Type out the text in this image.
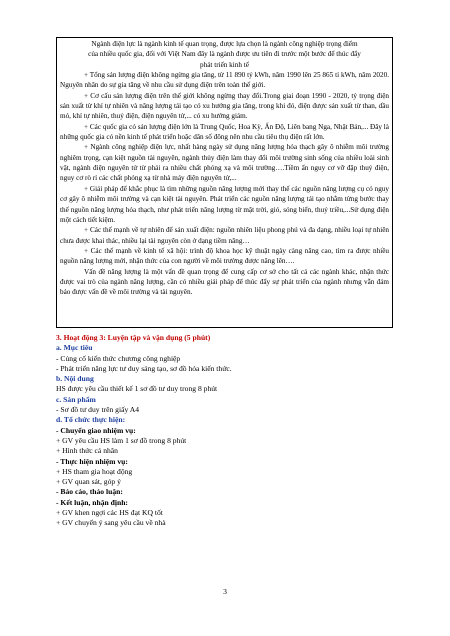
Ngành điện lực là ngành kinh tế quan trọng, được lựa chọn là ngành công nghiệp trọng điểm

của nhiều quốc gia, đối với Việt Nam đây là ngành được ưu tiên đi trước một bước để thúc đẩy

phát triển kinh tế

+ Tổng sản lượng điện không ngừng gia tăng, từ 11 890 tỷ kWh, năm 1990 lên 25 865 tỉ kWh, năm 2020. Nguyên nhân do sự gia tăng về nhu cầu sử dụng điện trên toàn thế giới.

+ Cơ cấu sản lượng điện trên thế giới không ngừng thay đổi.Trong giai đoạn 1990 - 2020, tỷ trọng điện sản xuất từ khí tự nhiên và năng lượng tái tạo có xu hướng gia tăng, trong khi đó, điện được sản xuất từ than, dầu mỏ, khí tự nhiên, thuỷ điện, điện nguyên tử,... có xu hướng giảm.

+ Các quốc gia có sản lượng điện lớn là Trung Quốc, Hoa Kỳ, Ấn Độ, Liên bang Nga, Nhật Bản,... Đây là những quốc gia có nền kinh tế phát triển hoặc dân số đông nên nhu cầu tiêu thụ điện rất lớn.

+ Ngành công nghiệp điện lực, nhất hàng ngày sử dụng năng lượng hóa thạch gây ô nhiễm môi trường nghiêm trọng, cạn kiệt nguồn tài nguyên, ngành thủy điện làm thay đổi môi trường sinh sống của nhiều loài sinh vật, ngành điện nguyên tử từ phải ra nhiều chất phóng xạ và môi trường….Tiềm ẩn nguy cơ vỡ đập thuỷ điện, nguy cơ rò rỉ các chất phóng xạ từ nhà máy điện nguyên tử,...

+ Giải pháp để khắc phục là tìm những nguồn năng lượng mới thay thế các nguồn năng lượng cụ có nguy cơ gây ô nhiễm môi trường và cạn kiệt tài nguyên. Phát triển các nguồn năng lượng tái tạo nhằm từng bước thay thế nguồn năng lượng hóa thạch, như phát triển năng lượng từ mặt trời, gió, sóng biển, thuỷ triều,...Sử dụng điện một cách tiết kiệm.

+ Các thế mạnh về tự nhiên để sản xuất điện: nguồn nhiên liệu phong phú và đa dạng, nhiều loại tự nhiên chưa được khai thác, nhiều lại tài nguyên còn ở dạng tiềm năng…

+ Các thế mạnh về kinh tế xã hội: trình độ khoa học kỹ thuật ngày càng nâng cao, tìm ra được nhiều nguồn năng lượng mới, nhận thức của con người về môi trường được nâng lên….

Vấn đề năng lượng là một vấn đề quan trọng để cung cấp cơ sở cho tất cả các ngành khác, nhận thức được vai trò của ngành năng lượng, cần có nhiều giải pháp để thúc đẩy sự phát triển của ngành nhưng vẫn đảm bảo được vấn đề về môi trường và tài nguyên.

3. Hoạt động 3: Luyện tập và vận dụng (5 phút)

a. Mục tiêu

- Củng cố kiến thức chương công nghiệp

- Phát triển năng lực tư duy sáng tạo, sơ đồ hóa kiến thức.

b. Nội dung

HS được yêu cầu thiết kế 1 sơ đồ tư duy trong 8 phút

c. Sản phẩm

- Sơ đồ tư duy trên giấy A4

d. Tổ chức thực hiện:

- Chuyển giao nhiệm vụ:

+ GV yêu cầu HS làm 1 sơ đồ trong 8 phút

+ Hình thức cá nhân

- Thực hiện nhiệm vụ:

+ HS tham gia hoạt động

+ GV quan sát, góp ý

- Báo cáo, thảo luận:

- Kết luận, nhận định:

+ GV khen ngợi các HS đạt KQ tốt

+ GV chuyển ý sang yêu cầu về nhà

3
